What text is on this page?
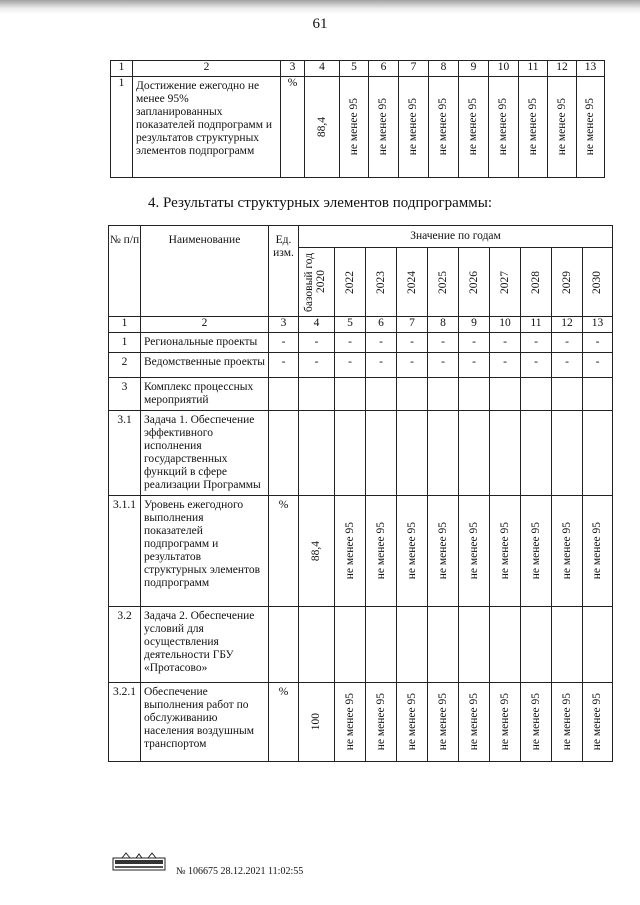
61
1	2	3	4	5	6	7	8	9	10	11	12	13
1	Достижение ежегодно не менее 95% запланированных показателей подпрограмм и результатов структурных элементов подпрограмм	%	88,4	не менее 95	не менее 95	не менее 95	не менее 95	не менее 95	не менее 95	не менее 95	не менее 95	не менее 95
4. Результаты структурных элементов подпрограммы:
№ п/п	Наименование	Ед. изм.	Значение по годам									

			базовый год 2020	2022	2023	2024	2025	2026	2027	2028	2029	2030

1	2	3	4	5	6	7	8	9	10	11	12	13
1	Региональные проекты	-	-	-	-	-	-	-	-	-	-	-
2	Ведомственные проекты	-	-	-	-	-	-	-	-	-	-	-
3	Комплекс процессных мероприятий											
3.1	Задача 1. Обеспечение эффективного исполнения государственных функций в сфере реализации Программы											
3.1.1	Уровень ежегодного выполнения показателей подпрограмм и результатов структурных элементов подпрограмм	%	88,4	не менее 95	не менее 95	не менее 95	не менее 95	не менее 95	не менее 95	не менее 95	не менее 95	не менее 95

3.2	Задача 2. Обеспечение условий для осуществления деятельности ГБУ «Протасово»											
3.2.1	Обеспечение выполнения работ по обслуживанию населения воздушным транспортом	%	100	не менее 95	не менее 95	не менее 95	не менее 95	не менее 95	не менее 95	не менее 95	не менее 95	не менее 95
№ 106675 28.12.2021 11:02:55
